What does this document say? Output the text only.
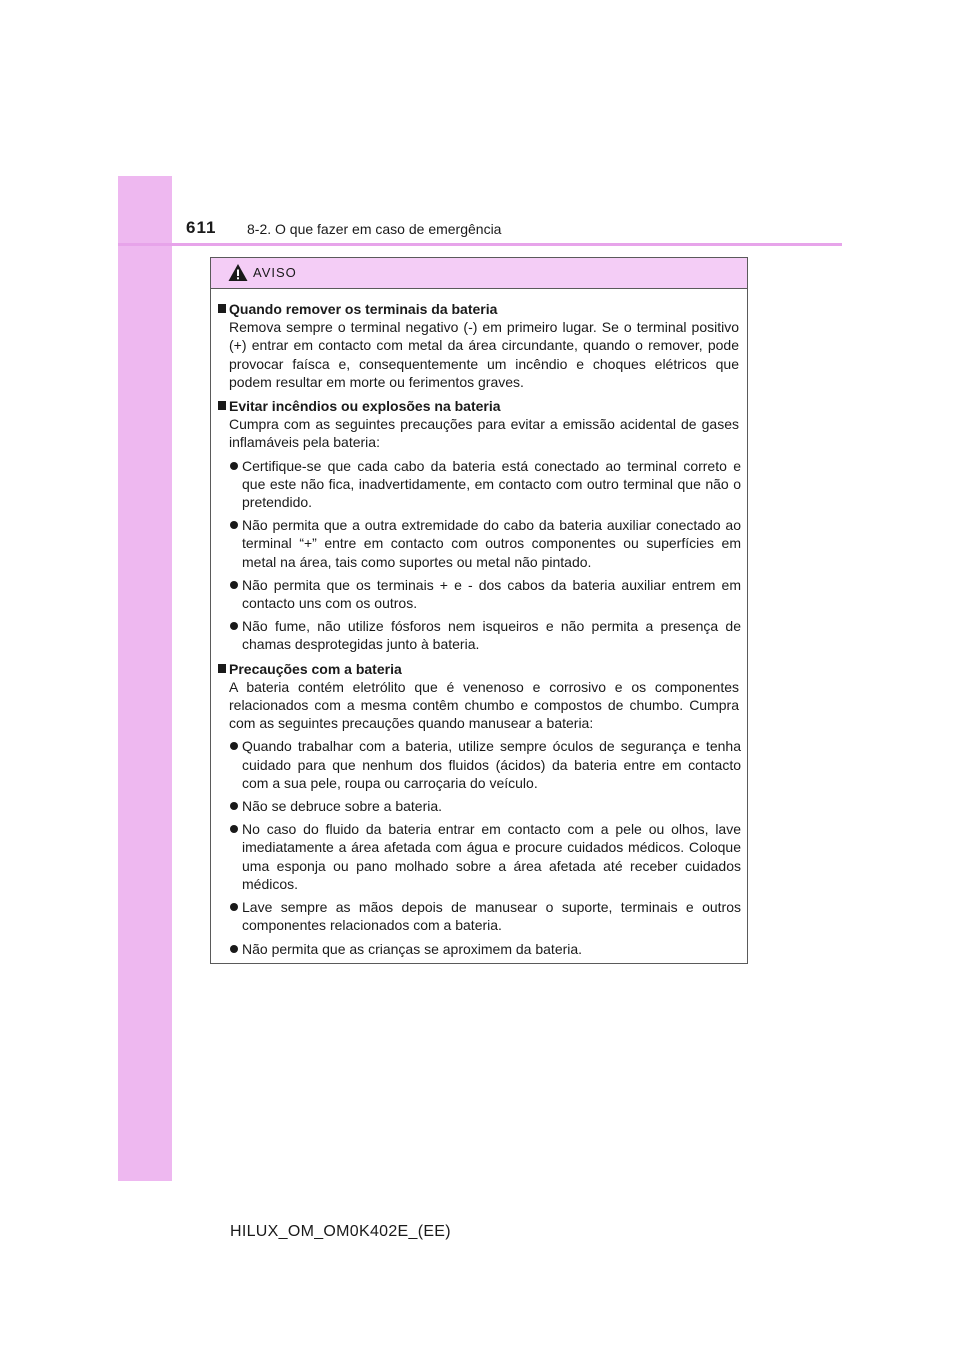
611 8-2. O que fazer em caso de emergência
AVISO
Quando remover os terminais da bateria
Remova sempre o terminal negativo (-) em primeiro lugar. Se o terminal positivo (+) entrar em contacto com metal da área circundante, quando o remover, pode provocar faísca e, consequentemente um incêndio e choques elétricos que podem resultar em morte ou ferimentos graves.
Evitar incêndios ou explosões na bateria
Cumpra com as seguintes precauções para evitar a emissão acidental de gases inflamáveis pela bateria:
Certifique-se que cada cabo da bateria está conectado ao terminal correto e que este não fica, inadvertidamente, em contacto com outro terminal que não o pretendido.
Não permita que a outra extremidade do cabo da bateria auxiliar conectado ao terminal “+” entre em contacto com outros componentes ou superfícies em metal na área, tais como suportes ou metal não pintado.
Não permita que os terminais + e - dos cabos da bateria auxiliar entrem em contacto uns com os outros.
Não fume, não utilize fósforos nem isqueiros e não permita a presença de chamas desprotegidas junto à bateria.
Precauções com a bateria
A bateria contém eletrólito que é venenoso e corrosivo e os componentes relacionados com a mesma contêm chumbo e compostos de chumbo. Cumpra com as seguintes precauções quando manusear a bateria:
Quando trabalhar com a bateria, utilize sempre óculos de segurança e tenha cuidado para que nenhum dos fluidos (ácidos) da bateria entre em contacto com a sua pele, roupa ou carroçaria do veículo.
Não se debruce sobre a bateria.
No caso do fluido da bateria entrar em contacto com a pele ou olhos, lave imediatamente a área afetada com água e procure cuidados médicos. Coloque uma esponja ou pano molhado sobre a área afetada até receber cuidados médicos.
Lave sempre as mãos depois de manusear o suporte, terminais e outros componentes relacionados com a bateria.
Não permita que as crianças se aproximem da bateria.
HILUX_OM_OM0K402E_(EE)
